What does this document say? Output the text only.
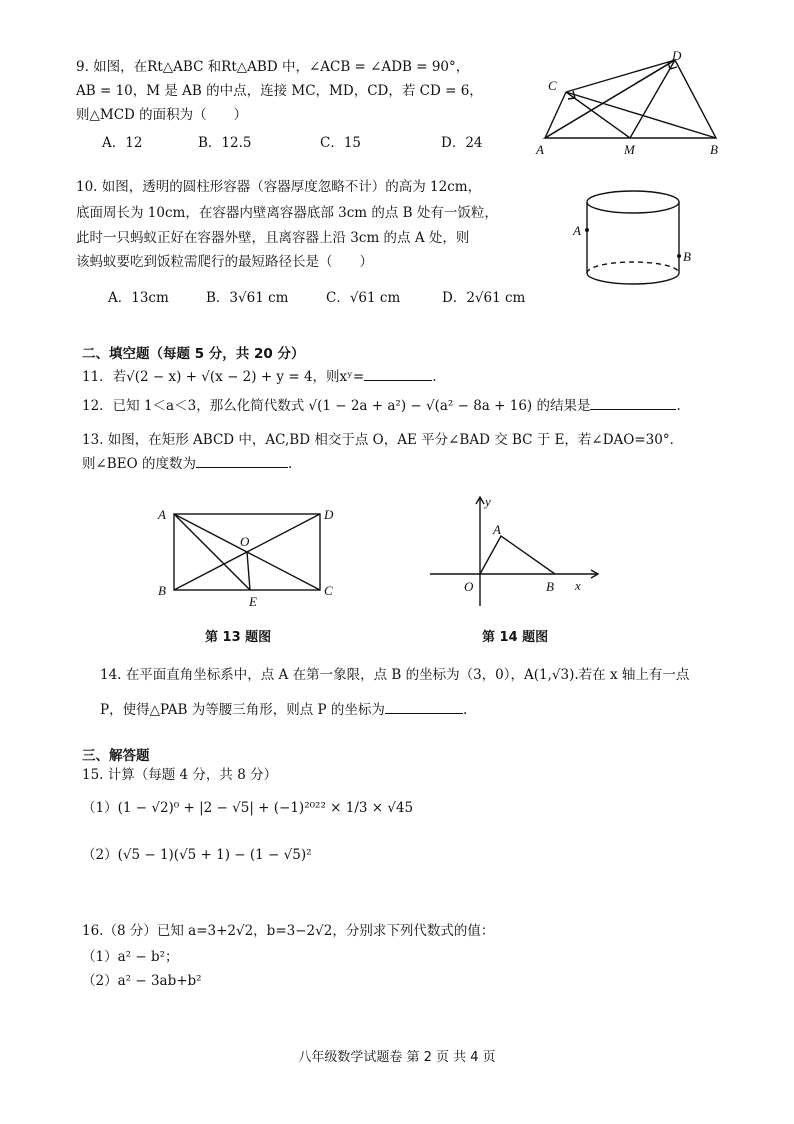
9. 如图，在Rt△ABC 和Rt△ABD 中，∠ACB = ∠ADB = 90°，
AB = 10，M 是 AB 的中点，连接 MC，MD，CD，若 CD = 6，
则△MCD 的面积为（　　）
A．12	B．12.5	C．15	D．24
C
D
A	M	B
10. 如图，透明的圆柱形容器（容器厚度忽略不计）的高为 12cm，
底面周长为 10cm，在容器内壁离容器底部 3cm 的点 B 处有一饭粒，
此时一只蚂蚁正好在容器外壁，且离容器上沿 3cm 的点 A 处，则
该蚂蚁要吃到饭粒需爬行的最短路径长是（　　）
A．13cm	B．3√61 cm	C．√61 cm	D．2√61 cm
A
B
二、填空题（每题 5 分，共 20 分）
11．若√(2 − x) + √(x − 2) + y = 4，则xʸ=	.
12．已知 1＜a＜3，那么化简代数式 √(1 − 2a + a²) − √(a² − 8a + 16) 的结果是	.
13. 如图，在矩形 ABCD 中，AC,BD 相交于点 O，AE 平分∠BAD 交 BC 于 E，若∠DAO=30°．
则∠BEO 的度数为	.
A	D
B	C
O
E
y
x
O
A
B
第 13 题图	第 14 题图
14. 在平面直角坐标系中，点 A 在第一象限，点 B 的坐标为（3，0），A(1,√3).若在 x 轴上有一点
P，使得△PAB 为等腰三角形，则点 P 的坐标为	.
三、解答题
15. 计算（每题 4 分，共 8 分）
（1）(1 − √2)⁰ + |2 − √5| + (−1)²⁰²² × 1/3 × √45
（2）(√5 − 1)(√5 + 1) − (1 − √5)²
16.（8 分）已知 a=3+2√2，b=3−2√2，分别求下列代数式的值：
（1）a² − b²；
（2）a² − 3ab+b²
八年级数学试题卷 第 2 页 共 4 页
